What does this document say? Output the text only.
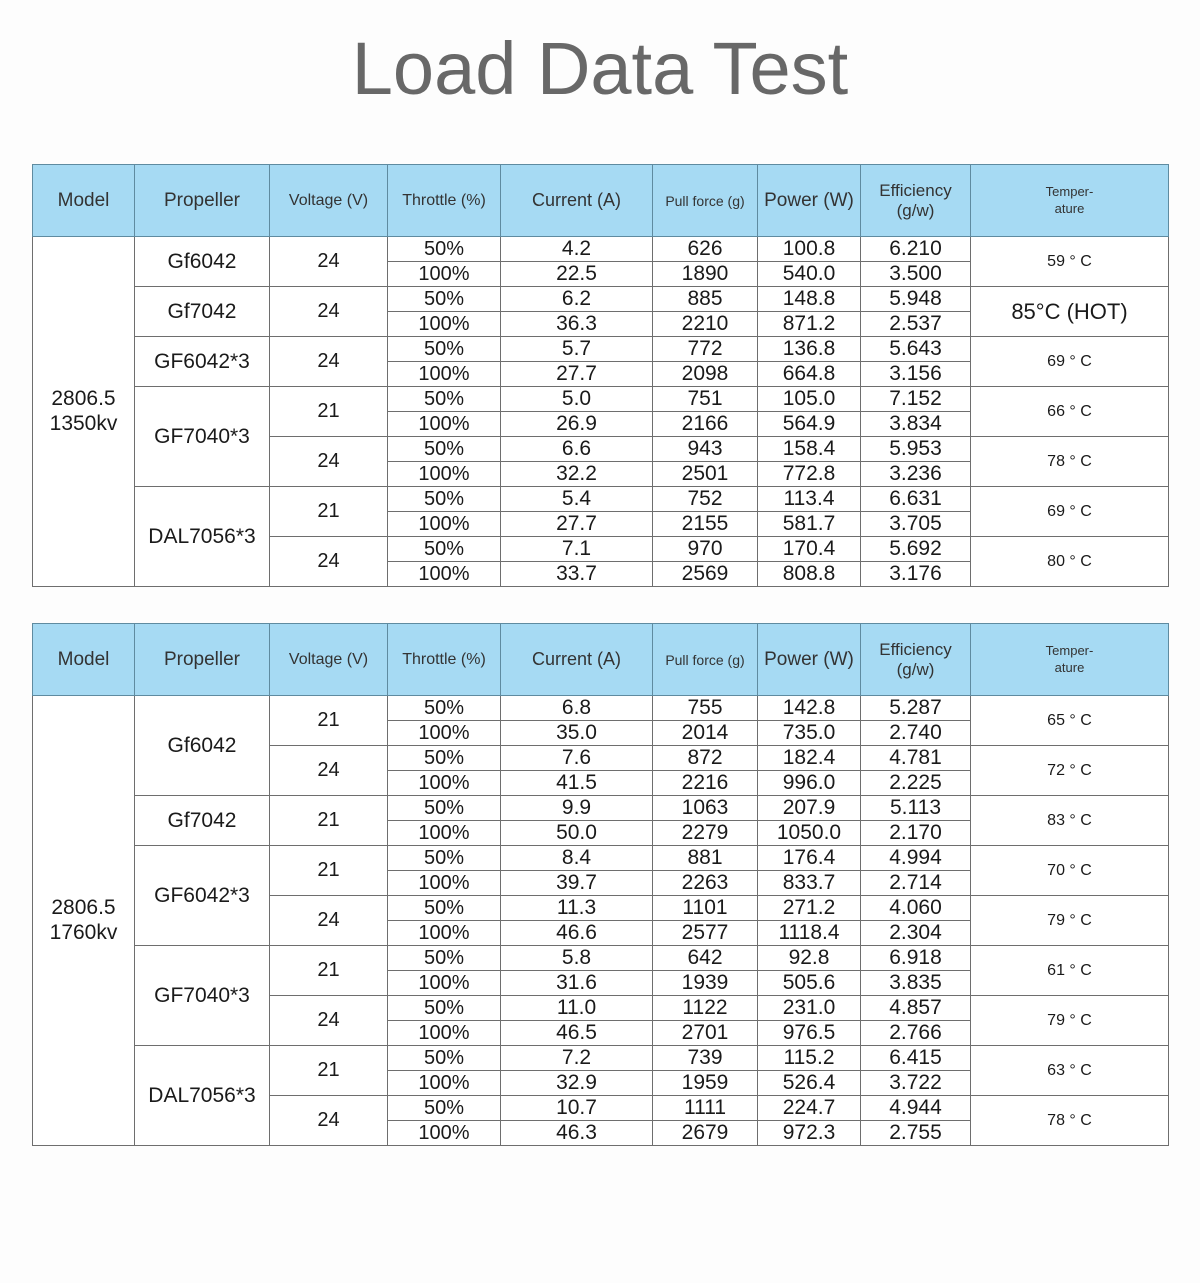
Load Data Test
Model	Propeller	Voltage (V)	Throttle (%)	Current (A)	Pull force (g)	Power (W)	Efficiency (g/w)	Temper-
ature
2806.5
1350kv	Gf6042	24	50%	4.2	626	100.8	6.210	59 ° C
			100%	22.5	1890	540.0	3.500	
	Gf7042	24	50%	6.2	885	148.8	5.948	85°C (HOT)
			100%	36.3	2210	871.2	2.537	
	GF6042*3	24	50%	5.7	772	136.8	5.643	69 ° C
			100%	27.7	2098	664.8	3.156	
	GF7040*3	21	50%	5.0	751	105.0	7.152	66 ° C
			100%	26.9	2166	564.9	3.834	
		24	50%	6.6	943	158.4	5.953	78 ° C
			100%	32.2	2501	772.8	3.236	
	DAL7056*3	21	50%	5.4	752	113.4	6.631	69 ° C
			100%	27.7	2155	581.7	3.705	
		24	50%	7.1	970	170.4	5.692	80 ° C
			100%	33.7	2569	808.8	3.176	
Model	Propeller	Voltage (V)	Throttle (%)	Current (A)	Pull force (g)	Power (W)	Efficiency (g/w)	Temper-
ature
2806.5
1760kv	Gf6042	21	50%	6.8	755	142.8	5.287	65 ° C
			100%	35.0	2014	735.0	2.740	
		24	50%	7.6	872	182.4	4.781	72 ° C
			100%	41.5	2216	996.0	2.225	
	Gf7042	21	50%	9.9	1063	207.9	5.113	83 ° C
			100%	50.0	2279	1050.0	2.170	
	GF6042*3	21	50%	8.4	881	176.4	4.994	70 ° C
			100%	39.7	2263	833.7	2.714	
		24	50%	11.3	1101	271.2	4.060	79 ° C
			100%	46.6	2577	1118.4	2.304	
	GF7040*3	21	50%	5.8	642	92.8	6.918	61 ° C
			100%	31.6	1939	505.6	3.835	
		24	50%	11.0	1122	231.0	4.857	79 ° C
			100%	46.5	2701	976.5	2.766	
	DAL7056*3	21	50%	7.2	739	115.2	6.415	63 ° C
			100%	32.9	1959	526.4	3.722	
		24	50%	10.7	1111	224.7	4.944	78 ° C
			100%	46.3	2679	972.3	2.755	
